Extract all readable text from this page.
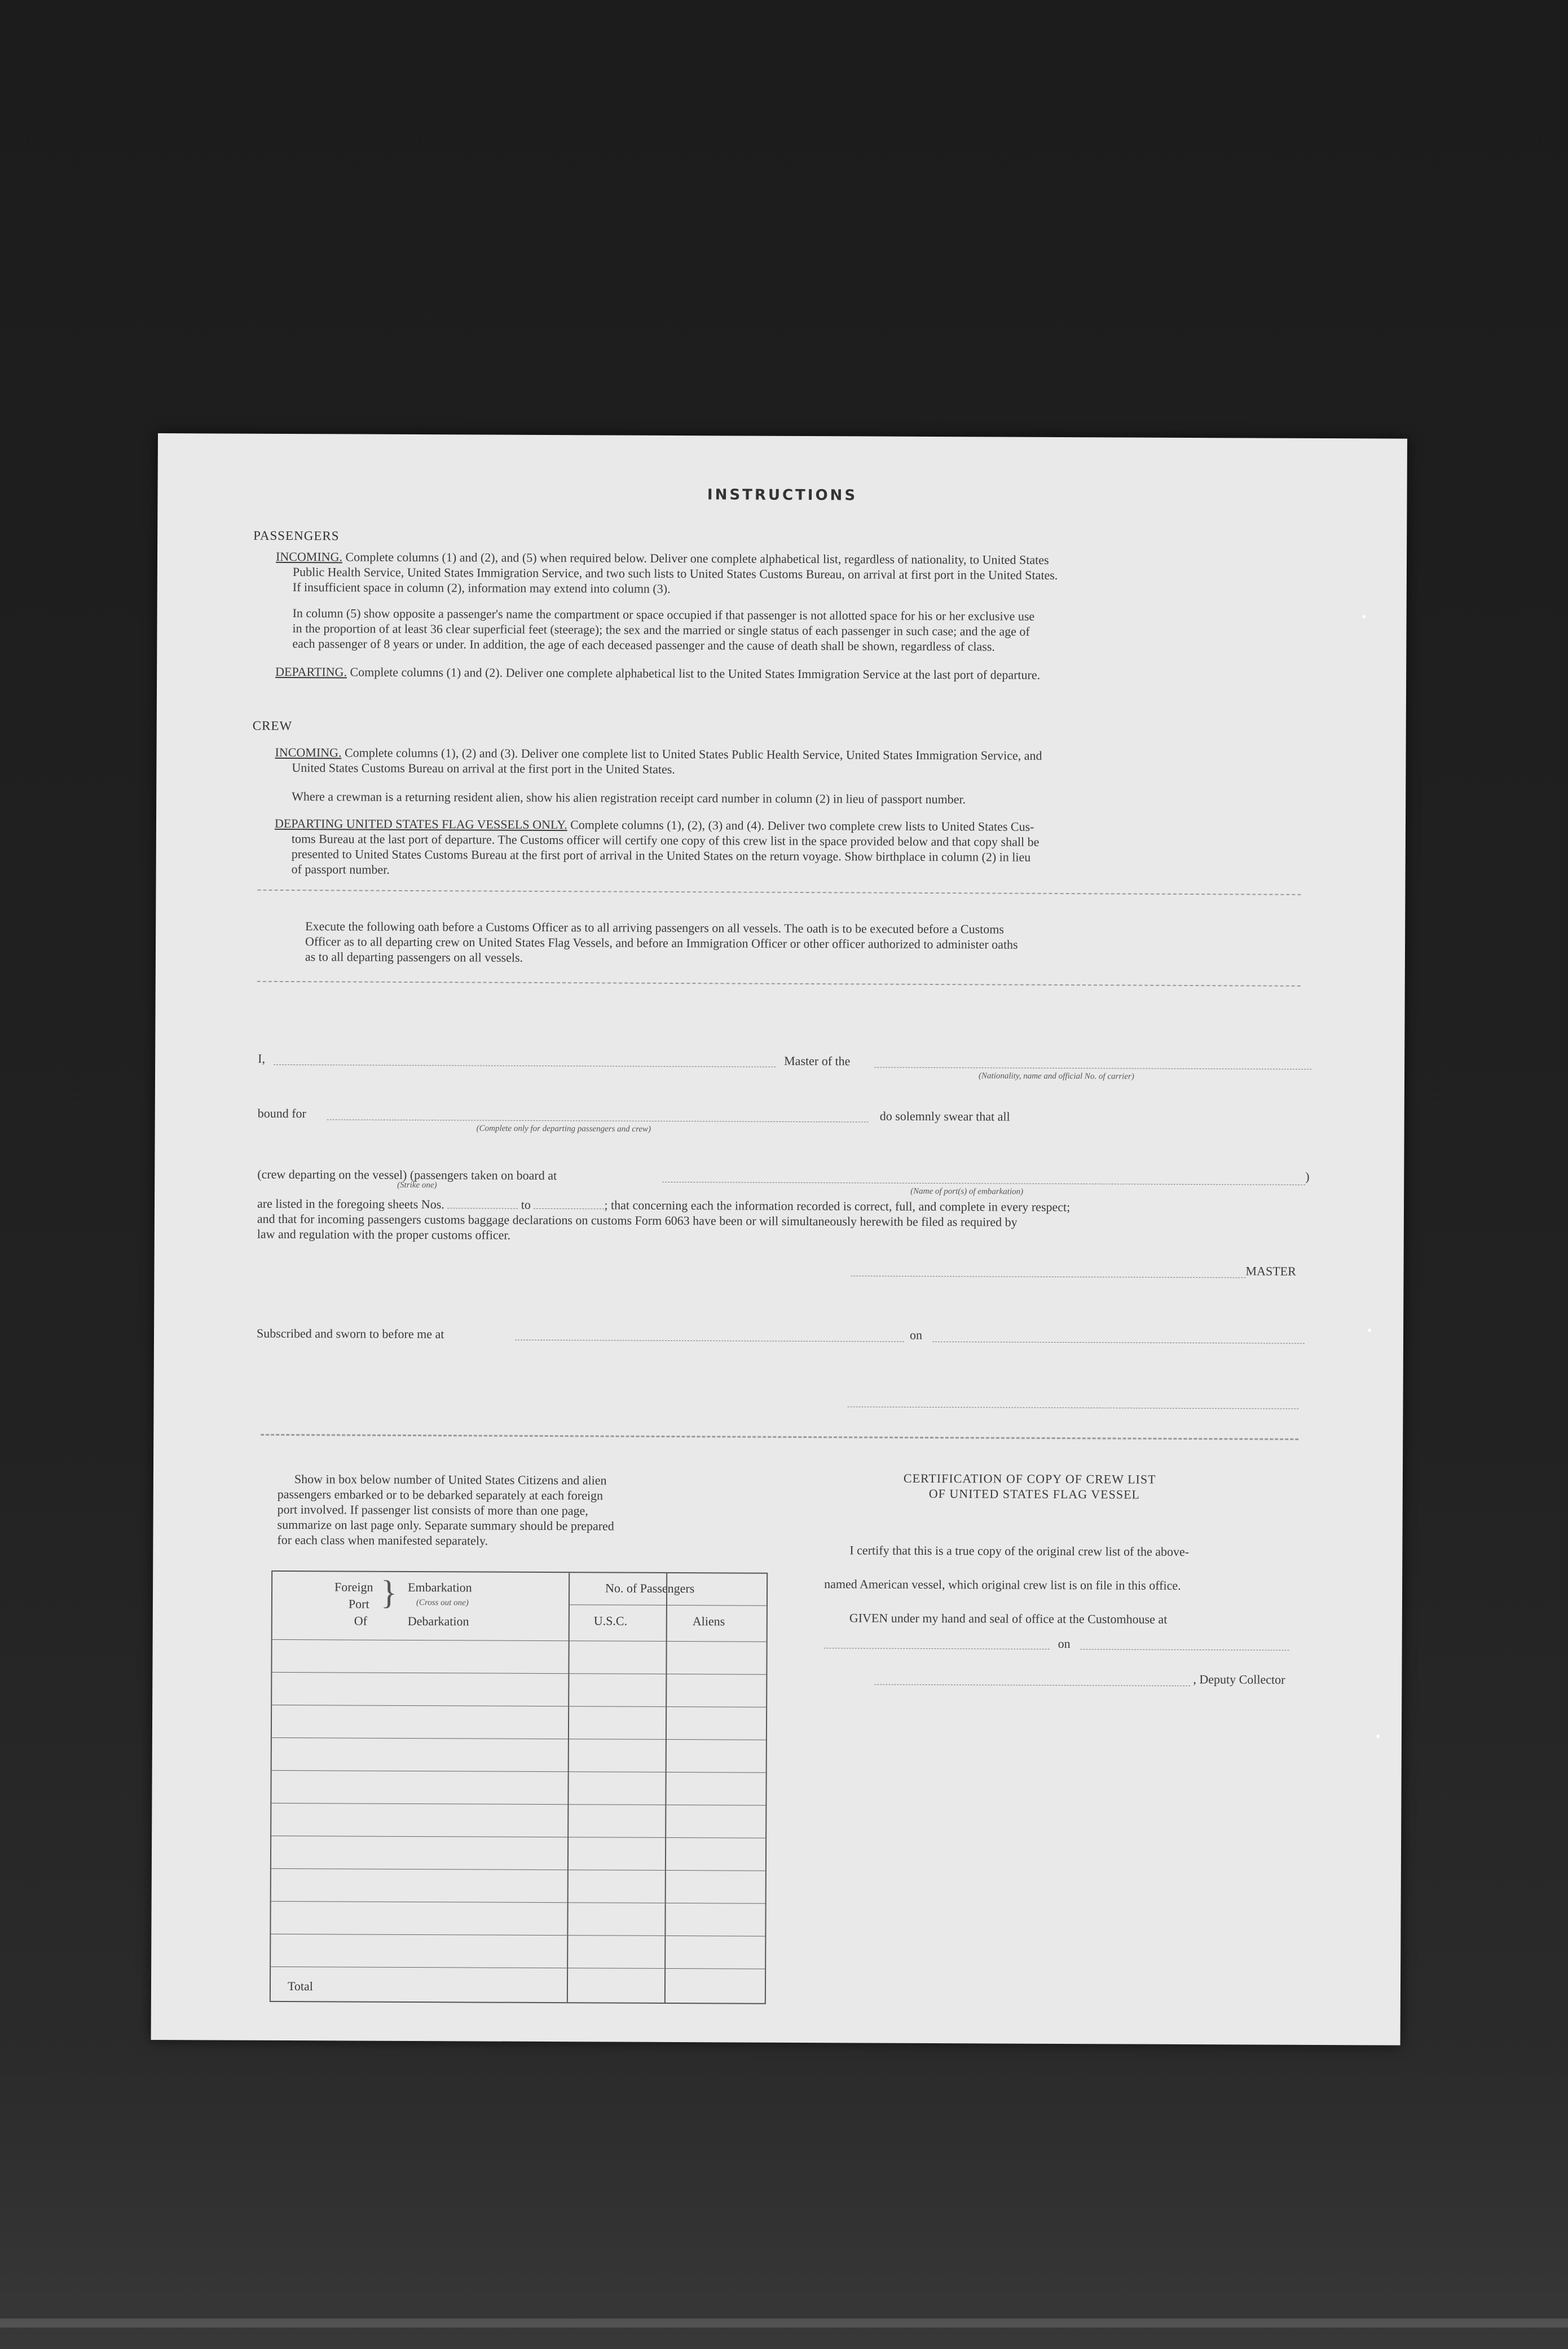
INSTRUCTIONS
PASSENGERS
INCOMING. Complete columns (1) and (2), and (5) when required below. Deliver one complete alphabetical list, regardless of nationality, to United States
Public Health Service, United States Immigration Service, and two such lists to United States Customs Bureau, on arrival at first port in the United States.
If insufficient space in column (2), information may extend into column (3).
In column (5) show opposite a passenger's name the compartment or space occupied if that passenger is not allotted space for his or her exclusive use
in the proportion of at least 36 clear superficial feet (steerage); the sex and the married or single status of each passenger in such case; and the age of
each passenger of 8 years or under. In addition, the age of each deceased passenger and the cause of death shall be shown, regardless of class.
DEPARTING. Complete columns (1) and (2). Deliver one complete alphabetical list to the United States Immigration Service at the last port of departure.
CREW
INCOMING. Complete columns (1), (2) and (3). Deliver one complete list to United States Public Health Service, United States Immigration Service, and
United States Customs Bureau on arrival at the first port in the United States.
Where a crewman is a returning resident alien, show his alien registration receipt card number in column (2) in lieu of passport number.
DEPARTING UNITED STATES FLAG VESSELS ONLY. Complete columns (1), (2), (3) and (4). Deliver two complete crew lists to United States Cus-
toms Bureau at the last port of departure. The Customs officer will certify one copy of this crew list in the space provided below and that copy shall be
presented to United States Customs Bureau at the first port of arrival in the United States on the return voyage. Show birthplace in column (2) in lieu
of passport number.
Execute the following oath before a Customs Officer as to all arriving passengers on all vessels. The oath is to be executed before a Customs
Officer as to all departing crew on United States Flag Vessels, and before an Immigration Officer or other officer authorized to administer oaths
as to all departing passengers on all vessels.
I,	Master of the
(Nationality, name and official No. of carrier)
bound for
(Complete only for departing passengers and crew)
do solemnly swear that all
(crew departing on the vessel) (passengers taken on board at	)
(Strike one)
(Name of port(s) of embarkation)
are listed in the foregoing sheets Nos.	to	; that concerning each the information recorded is correct, full, and complete in every respect;
and that for incoming passengers customs baggage declarations on customs Form 6063 have been or will simultaneously herewith be filed as required by
law and regulation with the proper customs officer.
MASTER
Subscribed and sworn to before me at	on
Show in box below number of United States Citizens and alien
passengers embarked or to be debarked separately at each foreign
port involved. If passenger list consists of more than one page,
summarize on last page only. Separate summary should be prepared
for each class when manifested separately.
Foreign
Port
Of
} Embarkation
(Cross out one)
Debarkation
No. of Passengers
U.S.C.	Aliens
Total
CERTIFICATION OF COPY OF CREW LIST
OF UNITED STATES FLAG VESSEL
I certify that this is a true copy of the original crew list of the above-
named American vessel, which original crew list is on file in this office.
GIVEN under my hand and seal of office at the Customhouse at
on
, Deputy Collector
